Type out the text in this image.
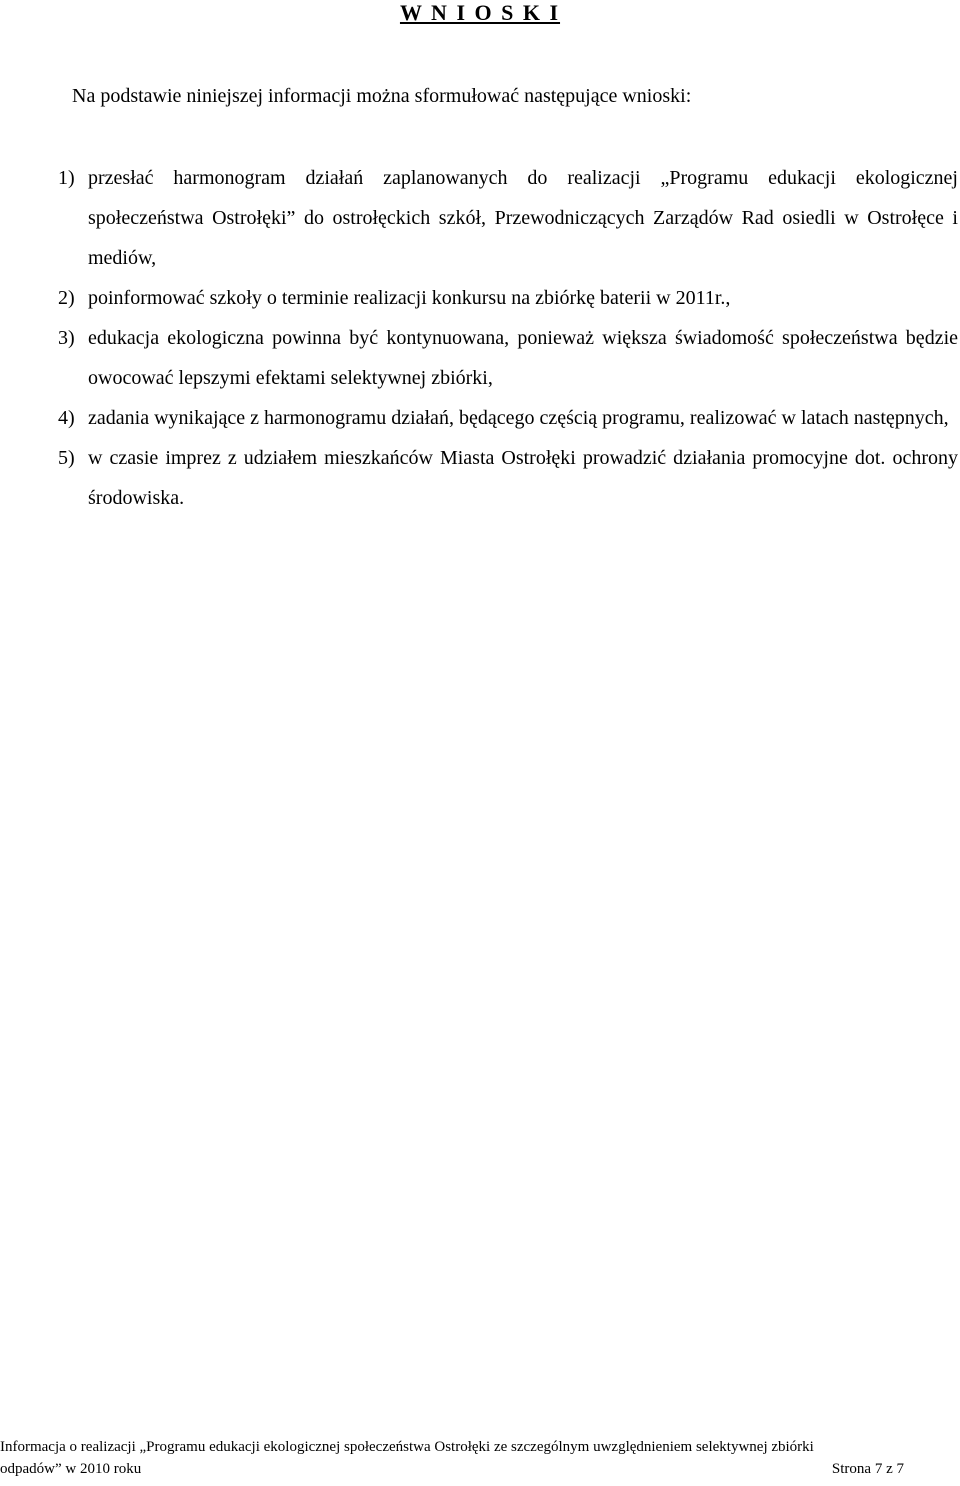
W N I O S K I
Na podstawie niniejszej informacji można sformułować następujące wnioski:
1) przesłać harmonogram działań zaplanowanych do realizacji „Programu edukacji ekologicznej społeczeństwa Ostrołęki” do ostrołęckich szkół, Przewodniczących Zarządów Rad osiedli w Ostrołęce i mediów,
2) poinformować szkoły o terminie realizacji konkursu na zbiórkę baterii w 2011r.,
3) edukacja ekologiczna powinna być kontynuowana, ponieważ większa świadomość społeczeństwa będzie owocować lepszymi efektami selektywnej zbiórki,
4) zadania wynikające z harmonogramu działań, będącego częścią programu, realizować w latach następnych,
5) w czasie imprez z udziałem mieszkańców Miasta Ostrołęki prowadzić działania promocyjne dot. ochrony środowiska.
Informacja o realizacji „Programu edukacji ekologicznej społeczeństwa Ostrołęki ze szczególnym uwzględnieniem selektywnej zbiórki
odpadów” w 2010 roku	Strona 7 z 7
